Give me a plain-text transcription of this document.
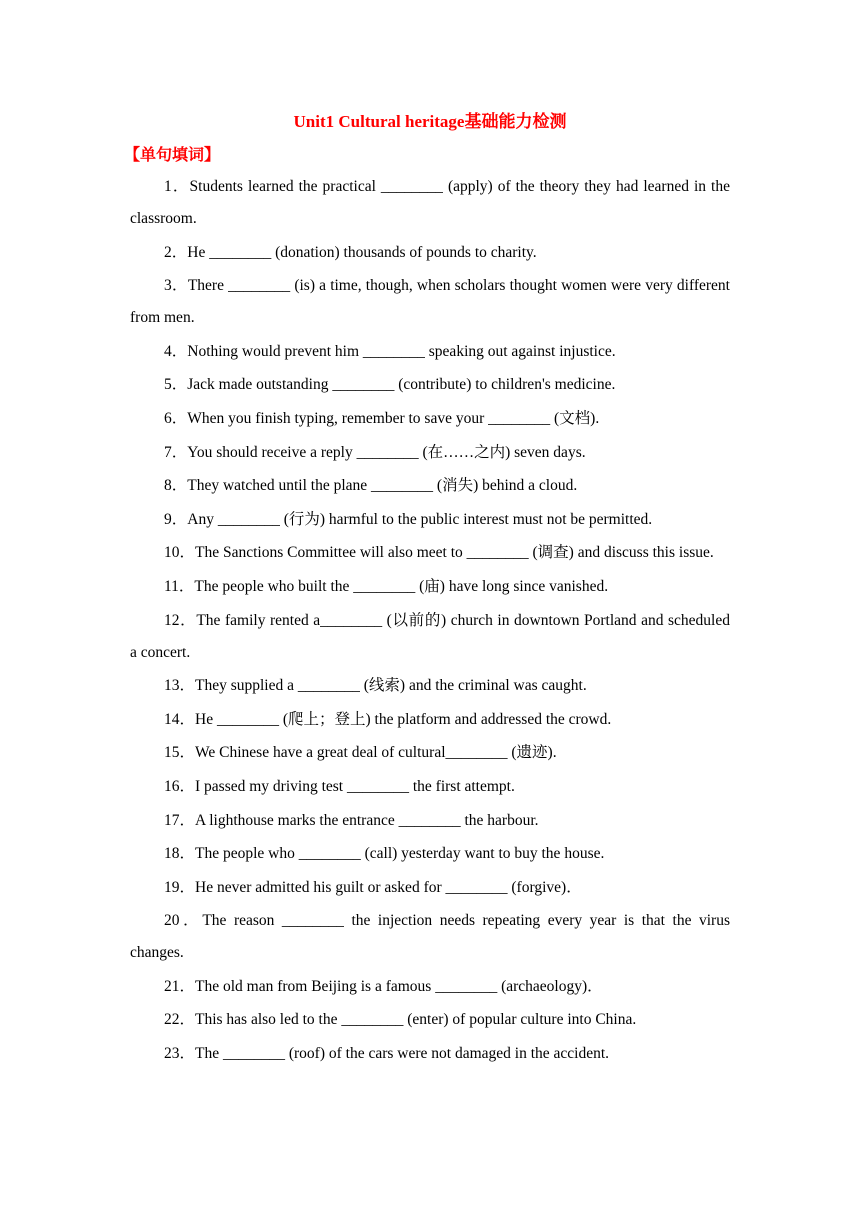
Unit1 Cultural heritage基础能力检测
【单句填词】
1．Students learned the practical ________ (apply) of the theory they had learned in the classroom.
2．He ________ (donation) thousands of pounds to charity.
3．There ________ (is) a time, though, when scholars thought women were very different from men.
4．Nothing would prevent him ________ speaking out against injustice.
5．Jack made outstanding ________ (contribute) to children's medicine.
6．When you finish typing, remember to save your ________ (文档).
7．You should receive a reply ________ (在……之内) seven days.
8．They watched until the plane ________ (消失) behind a cloud.
9．Any ________ (行为) harmful to the public interest must not be permitted.
10．The Sanctions Committee will also meet to ________ (调查) and discuss this issue.
11．The people who built the ________ (庙) have long since vanished.
12．The family rented a________ (以前的) church in downtown Portland and scheduled a concert.
13．They supplied a ________ (线索) and the criminal was caught.
14．He ________ (爬上；登上) the platform and addressed the crowd.
15．We Chinese have a great deal of cultural________ (遗迹).
16．I passed my driving test ________ the first attempt.
17．A lighthouse marks the entrance ________ the harbour.
18．The people who ________ (call) yesterday want to buy the house.
19．He never admitted his guilt or asked for ________ (forgive)．
20．The reason ________ the injection needs repeating every year is that the virus changes.
21．The old man from Beijing is a famous ________ (archaeology)．
22．This has also led to the ________ (enter) of popular culture into China.
23．The ________ (roof) of the cars were not damaged in the accident.
